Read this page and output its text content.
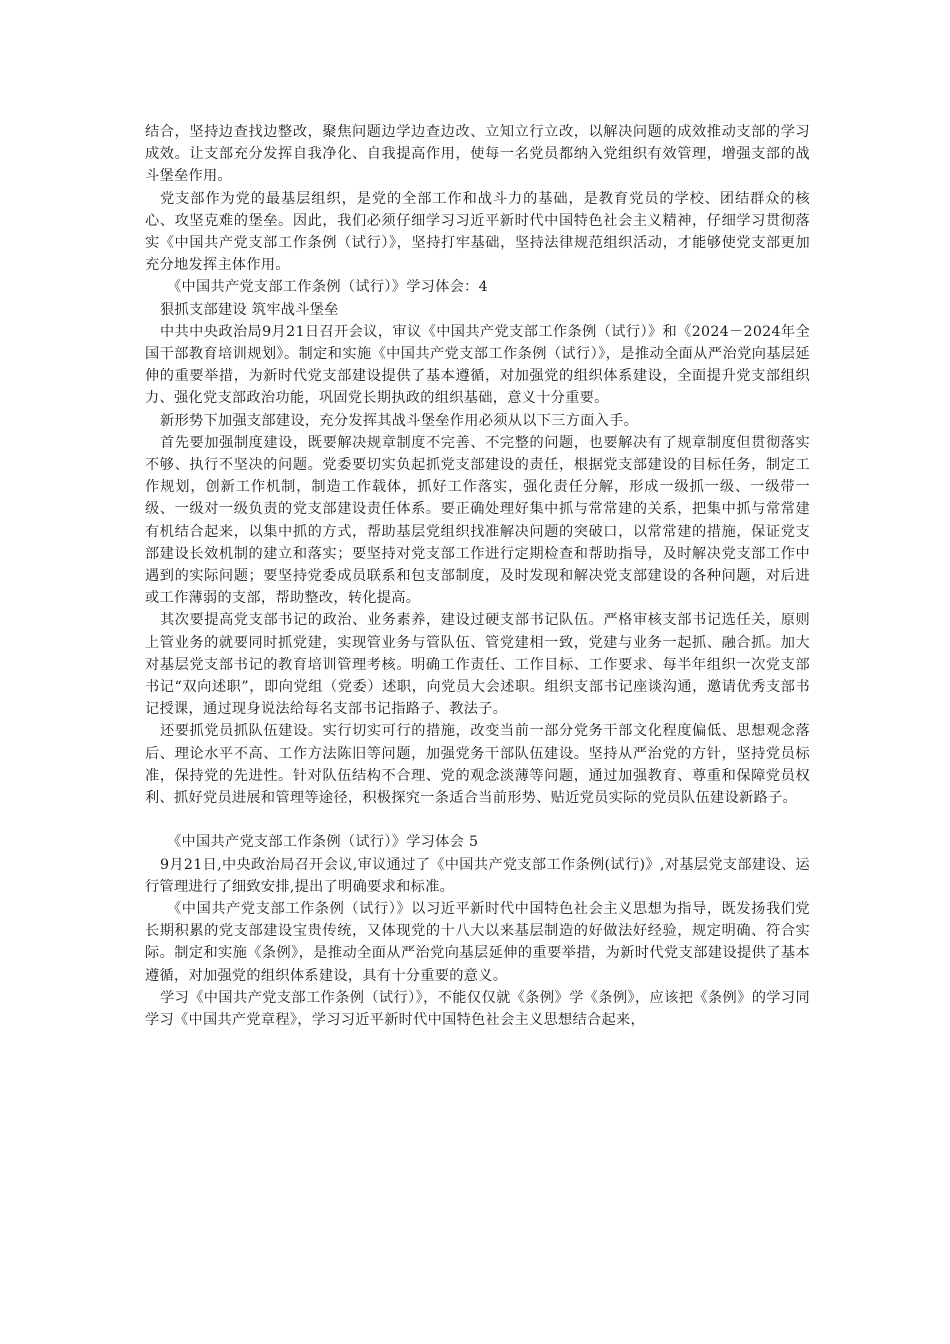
结合，坚持边查找边整改，聚焦问题边学边查边改、立知立行立改，以解决问题的成效推动支部的学习成效。让支部充分发挥自我净化、自我提高作用，使每一名党员都纳入党组织有效管理，增强支部的战斗堡垒作用。

党支部作为党的最基层组织，是党的全部工作和战斗力的基础，是教育党员的学校、团结群众的核心、攻坚克难的堡垒。因此，我们必须仔细学习习近平新时代中国特色社会主义精神，仔细学习贯彻落实《中国共产党支部工作条例（试行）》，坚持打牢基础，坚持法律规范组织活动，才能够使党支部更加充分地发挥主体作用。

《中国共产党支部工作条例（试行）》学习体会：4

狠抓支部建设 筑牢战斗堡垒

中共中央政治局9月21日召开会议，审议《中国共产党支部工作条例（试行）》和《2024－2024年全国干部教育培训规划》。制定和实施《中国共产党支部工作条例（试行）》，是推动全面从严治党向基层延伸的重要举措，为新时代党支部建设提供了基本遵循，对加强党的组织体系建设，全面提升党支部组织力、强化党支部政治功能，巩固党长期执政的组织基础，意义十分重要。

新形势下加强支部建设，充分发挥其战斗堡垒作用必须从以下三方面入手。

首先要加强制度建设，既要解决规章制度不完善、不完整的问题，也要解决有了规章制度但贯彻落实不够、执行不坚决的问题。党委要切实负起抓党支部建设的责任，根据党支部建设的目标任务，制定工作规划，创新工作机制，制造工作载体，抓好工作落实，强化责任分解，形成一级抓一级、一级带一级、一级对一级负责的党支部建设责任体系。要正确处理好集中抓与常常建的关系，把集中抓与常常建有机结合起来，以集中抓的方式，帮助基层党组织找准解决问题的突破口，以常常建的措施，保证党支部建设长效机制的建立和落实；要坚持对党支部工作进行定期检查和帮助指导，及时解决党支部工作中遇到的实际问题；要坚持党委成员联系和包支部制度，及时发现和解决党支部建设的各种问题，对后进或工作薄弱的支部，帮助整改，转化提高。

其次要提高党支部书记的政治、业务素养，建设过硬支部书记队伍。严格审核支部书记选任关，原则上管业务的就要同时抓党建，实现管业务与管队伍、管党建相一致，党建与业务一起抓、融合抓。加大对基层党支部书记的教育培训管理考核。明确工作责任、工作目标、工作要求、每半年组织一次党支部书记“双向述职”，即向党组（党委）述职，向党员大会述职。组织支部书记座谈沟通，邀请优秀支部书记授课，通过现身说法给每名支部书记指路子、教法子。

还要抓党员抓队伍建设。实行切实可行的措施，改变当前一部分党务干部文化程度偏低、思想观念落后、理论水平不高、工作方法陈旧等问题，加强党务干部队伍建设。坚持从严治党的方针，坚持党员标准，保持党的先进性。针对队伍结构不合理、党的观念淡薄等问题，通过加强教育、尊重和保障党员权利、抓好党员进展和管理等途径，积极探究一条适合当前形势、贴近党员实际的党员队伍建设新路子。

《中国共产党支部工作条例（试行）》学习体会 5

9月21日,中央政治局召开会议,审议通过了《中国共产党支部工作条例(试行)》,对基层党支部建设、运行管理进行了细致安排,提出了明确要求和标准。

《中国共产党支部工作条例（试行）》以习近平新时代中国特色社会主义思想为指导，既发扬我们党长期积累的党支部建设宝贵传统，又体现党的十八大以来基层制造的好做法好经验，规定明确、符合实际。制定和实施《条例》，是推动全面从严治党向基层延伸的重要举措，为新时代党支部建设提供了基本遵循，对加强党的组织体系建设，具有十分重要的意义。

学习《中国共产党支部工作条例（试行）》，不能仅仅就《条例》学《条例》，应该把《条例》的学习同学习《中国共产党章程》，学习习近平新时代中国特色社会主义思想结合起来，
